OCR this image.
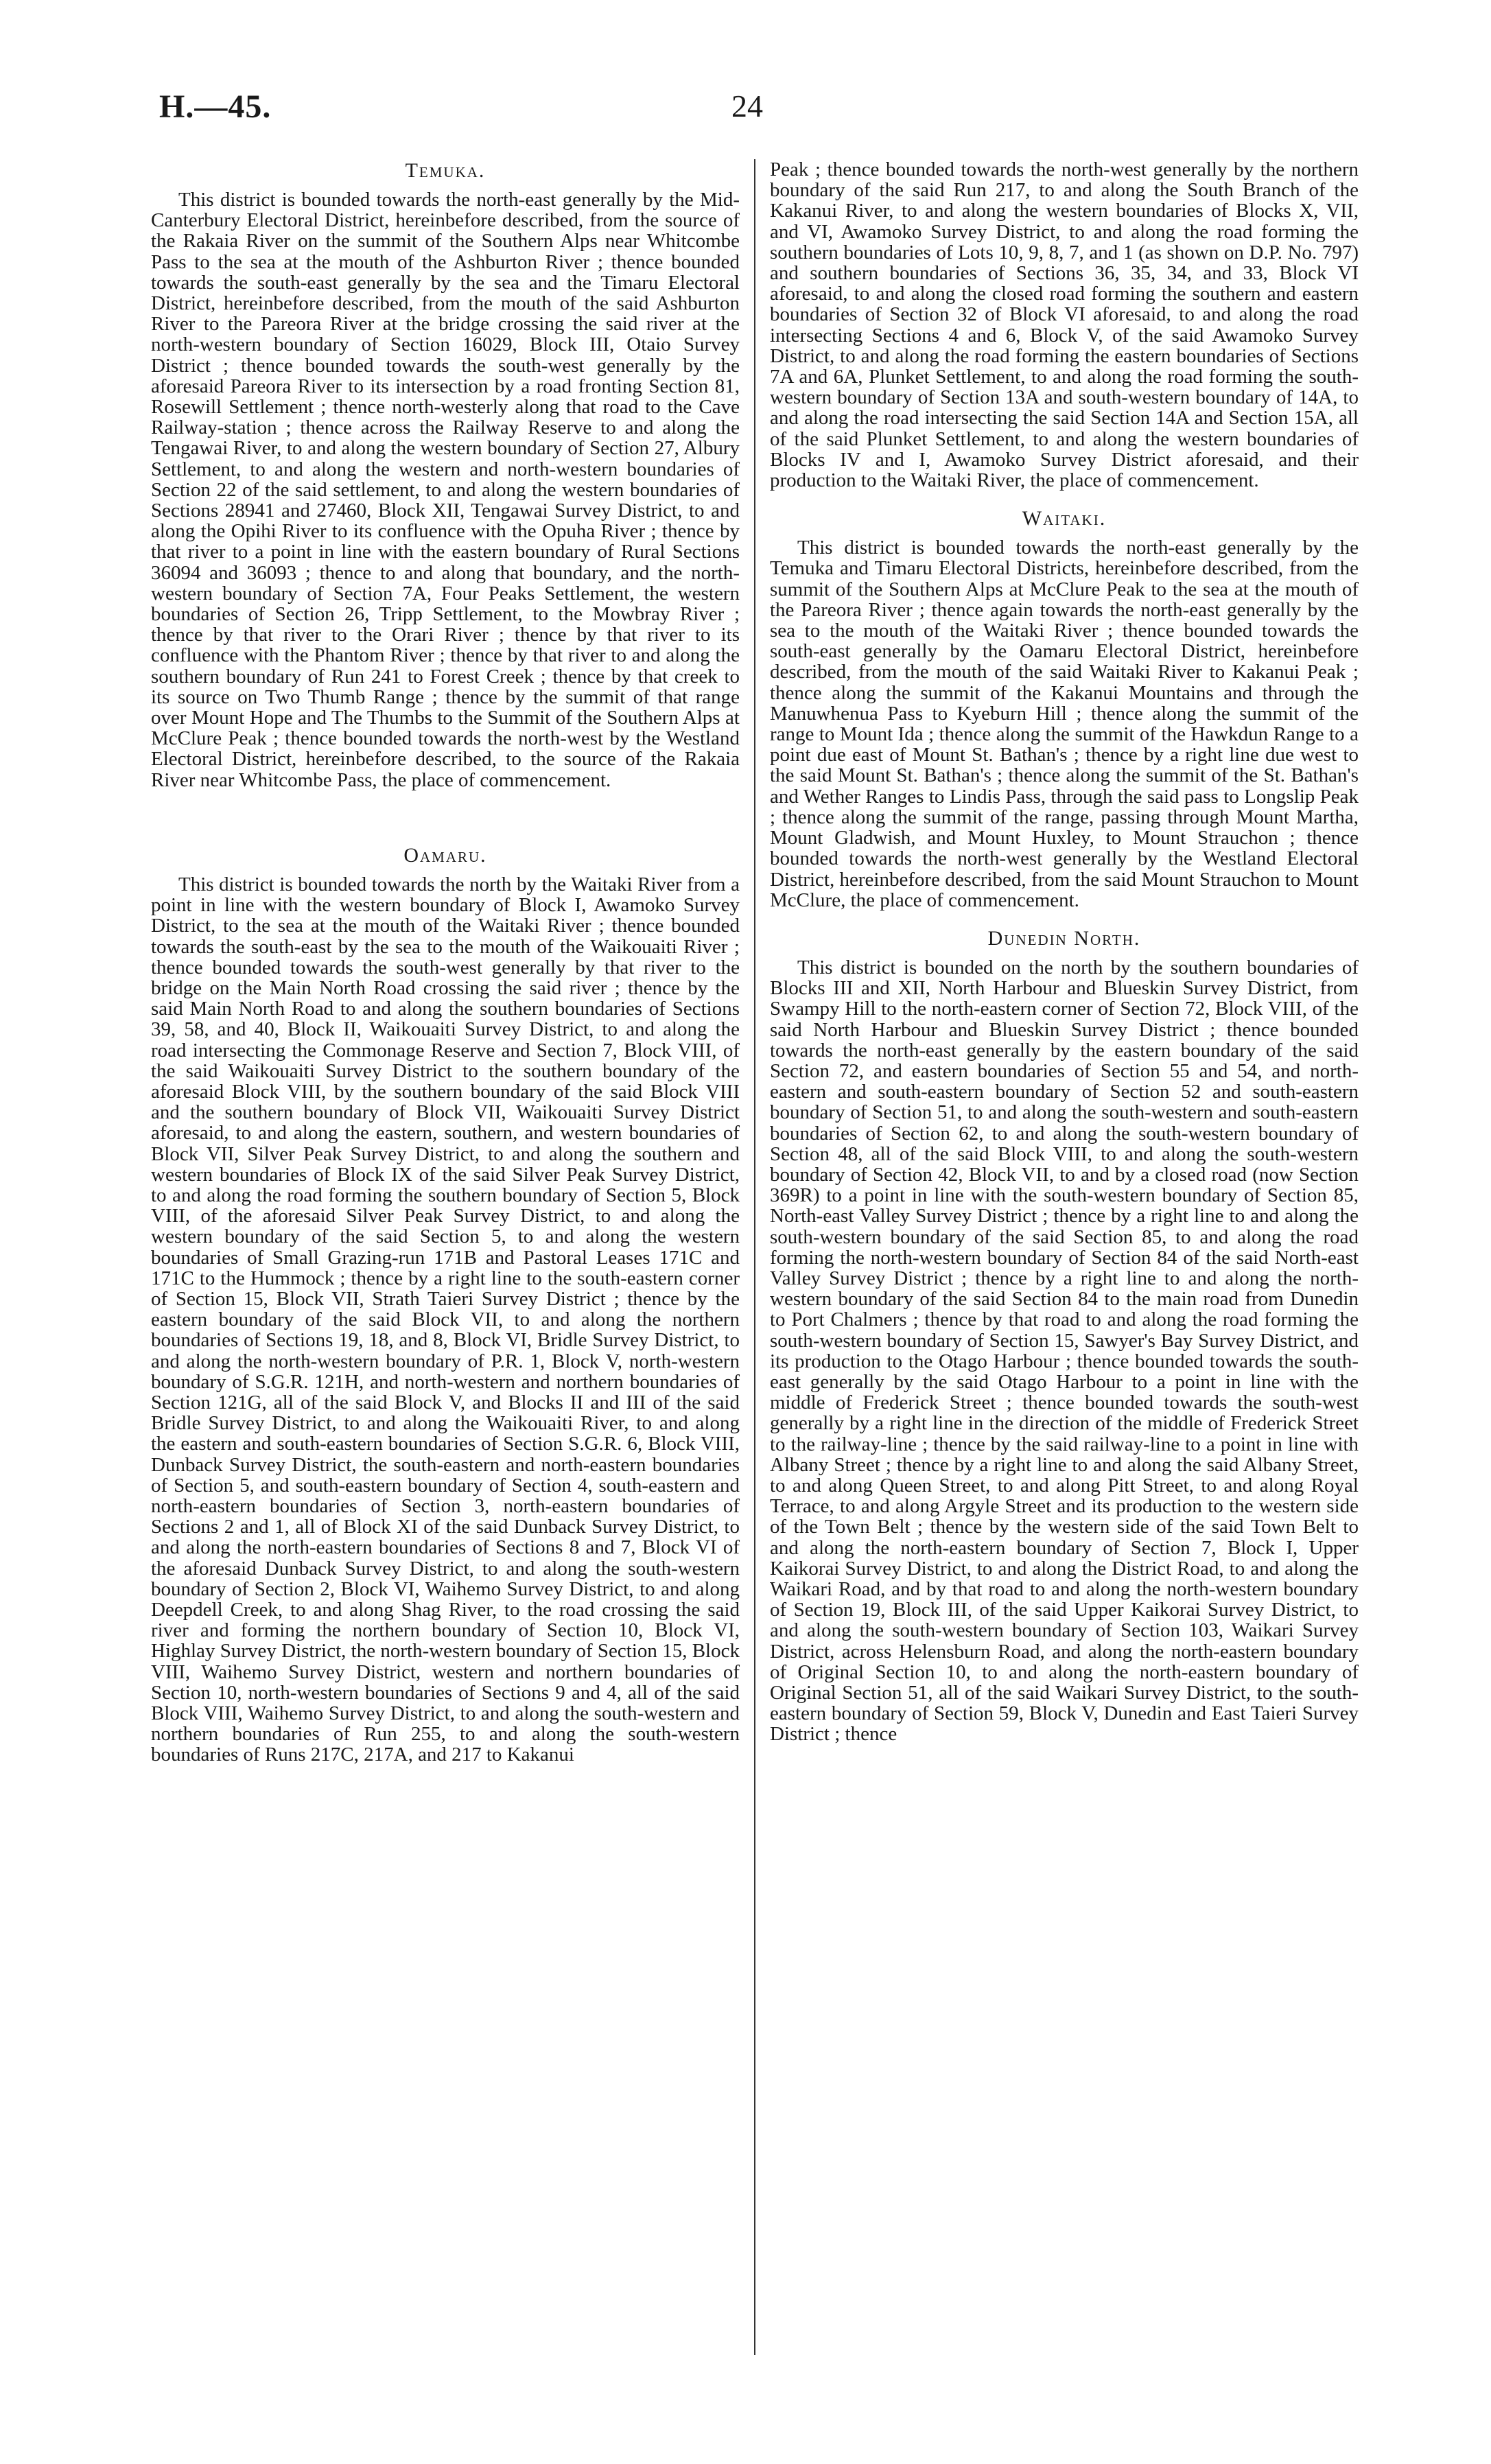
H.—45.	24
Temuka.

This district is bounded towards the north-east generally by the Mid-Canterbury Electoral District, hereinbefore described, from the source of the Rakaia River on the summit of the Southern Alps near Whitcombe Pass to the sea at the mouth of the Ashburton River ; thence bounded towards the south-east generally by the sea and the Timaru Electoral District, hereinbefore described, from the mouth of the said Ashburton River to the Pareora River at the bridge crossing the said river at the north-western boundary of Section 16029, Block III, Otaio Survey District ; thence bounded towards the south-west generally by the aforesaid Pareora River to its intersection by a road fronting Section 81, Rosewill Settlement ; thence north-westerly along that road to the Cave Railway-station ; thence across the Railway Reserve to and along the Tengawai River, to and along the western boundary of Section 27, Albury Settlement, to and along the western and north-western boundaries of Section 22 of the said settlement, to and along the western boundaries of Sections 28941 and 27460, Block XII, Tengawai Survey District, to and along the Opihi River to its confluence with the Opuha River ; thence by that river to a point in line with the eastern boundary of Rural Sections 36094 and 36093 ; thence to and along that boundary, and the north-western boundary of Section 7A, Four Peaks Settlement, the western boundaries of Section 26, Tripp Settlement, to the Mowbray River ; thence by that river to the Orari River ; thence by that river to its confluence with the Phantom River ; thence by that river to and along the southern boundary of Run 241 to Forest Creek ; thence by that creek to its source on Two Thumb Range ; thence by the summit of that range over Mount Hope and The Thumbs to the Summit of the Southern Alps at McClure Peak ; thence bounded towards the north-west by the Westland Electoral District, hereinbefore described, to the source of the Rakaia River near Whitcombe Pass, the place of commencement.

Oamaru.

This district is bounded towards the north by the Waitaki River from a point in line with the western boundary of Block I, Awamoko Survey District, to the sea at the mouth of the Waitaki River ; thence bounded towards the south-east by the sea to the mouth of the Waikouaiti River ; thence bounded towards the south-west generally by that river to the bridge on the Main North Road crossing the said river ; thence by the said Main North Road to and along the southern boundaries of Sections 39, 58, and 40, Block II, Waikouaiti Survey District, to and along the road intersecting the Commonage Reserve and Section 7, Block VIII, of the said Waikouaiti Survey District to the southern boundary of the aforesaid Block VIII, by the southern boundary of the said Block VIII and the southern boundary of Block VII, Waikouaiti Survey District aforesaid, to and along the eastern, southern, and western boundaries of Block VII, Silver Peak Survey District, to and along the southern and western boundaries of Block IX of the said Silver Peak Survey District, to and along the road forming the southern boundary of Section 5, Block VIII, of the aforesaid Silver Peak Survey District, to and along the western boundary of the said Section 5, to and along the western boundaries of Small Grazing-run 171B and Pastoral Leases 171C and 171C to the Hummock ; thence by a right line to the south-eastern corner of Section 15, Block VII, Strath Taieri Survey District ; thence by the eastern boundary of the said Block VII, to and along the northern boundaries of Sections 19, 18, and 8, Block VI, Bridle Survey District, to and along the north-western boundary of P.R. 1, Block V, north-western boundary of S.G.R. 121H, and north-western and northern boundaries of Section 121G, all of the said Block V, and Blocks II and III of the said Bridle Survey District, to and along the Waikouaiti River, to and along the eastern and south-eastern boundaries of Section S.G.R. 6, Block VIII, Dunback Survey District, the south-eastern and north-eastern boundaries of Section 5, and south-eastern boundary of Section 4, south-eastern and north-eastern boundaries of Section 3, north-eastern boundaries of Sections 2 and 1, all of Block XI of the said Dunback Survey District, to and along the north-eastern boundaries of Sections 8 and 7, Block VI of the aforesaid Dunback Survey District, to and along the south-western boundary of Section 2, Block VI, Waihemo Survey District, to and along Deepdell Creek, to and along Shag River, to the road crossing the said river and forming the northern boundary of Section 10, Block VI, Highlay Survey District, the north-western boundary of Section 15, Block VIII, Waihemo Survey District, western and northern boundaries of Section 10, north-western boundaries of Sections 9 and 4, all of the said Block VIII, Waihemo Survey District, to and along the south-western and northern boundaries of Run 255, to and along the south-western boundaries of Runs 217C, 217A, and 217 to Kakanui

Peak ; thence bounded towards the north-west generally by the northern boundary of the said Run 217, to and along the South Branch of the Kakanui River, to and along the western boundaries of Blocks X, VII, and VI, Awamoko Survey District, to and along the road forming the southern boundaries of Lots 10, 9, 8, 7, and 1 (as shown on D.P. No. 797) and southern boundaries of Sections 36, 35, 34, and 33, Block VI aforesaid, to and along the closed road forming the southern and eastern boundaries of Section 32 of Block VI aforesaid, to and along the road intersecting Sections 4 and 6, Block V, of the said Awamoko Survey District, to and along the road forming the eastern boundaries of Sections 7A and 6A, Plunket Settlement, to and along the road forming the south-western boundary of Section 13A and south-western boundary of 14A, to and along the road intersecting the said Section 14A and Section 15A, all of the said Plunket Settlement, to and along the western boundaries of Blocks IV and I, Awamoko Survey District aforesaid, and their production to the Waitaki River, the place of commencement.

Waitaki.

This district is bounded towards the north-east generally by the Temuka and Timaru Electoral Districts, hereinbefore described, from the summit of the Southern Alps at McClure Peak to the sea at the mouth of the Pareora River ; thence again towards the north-east generally by the sea to the mouth of the Waitaki River ; thence bounded towards the south-east generally by the Oamaru Electoral District, hereinbefore described, from the mouth of the said Waitaki River to Kakanui Peak ; thence along the summit of the Kakanui Mountains and through the Manuwhenua Pass to Kyeburn Hill ; thence along the summit of the range to Mount Ida ; thence along the summit of the Hawkdun Range to a point due east of Mount St. Bathan's ; thence by a right line due west to the said Mount St. Bathan's ; thence along the summit of the St. Bathan's and Wether Ranges to Lindis Pass, through the said pass to Longslip Peak ; thence along the summit of the range, passing through Mount Martha, Mount Gladwish, and Mount Huxley, to Mount Strauchon ; thence bounded towards the north-west generally by the Westland Electoral District, hereinbefore described, from the said Mount Strauchon to Mount McClure, the place of commencement.

Dunedin North.

This district is bounded on the north by the southern boundaries of Blocks III and XII, North Harbour and Blueskin Survey District, from Swampy Hill to the north-eastern corner of Section 72, Block VIII, of the said North Harbour and Blueskin Survey District ; thence bounded towards the north-east generally by the eastern boundary of the said Section 72, and eastern boundaries of Section 55 and 54, and north-eastern and south-eastern boundary of Section 52 and south-eastern boundary of Section 51, to and along the south-western and south-eastern boundaries of Section 62, to and along the south-western boundary of Section 48, all of the said Block VIII, to and along the south-western boundary of Section 42, Block VII, to and by a closed road (now Section 369R) to a point in line with the south-western boundary of Section 85, North-east Valley Survey District ; thence by a right line to and along the south-western boundary of the said Section 85, to and along the road forming the north-western boundary of Section 84 of the said North-east Valley Survey District ; thence by a right line to and along the north-western boundary of the said Section 84 to the main road from Dunedin to Port Chalmers ; thence by that road to and along the road forming the south-western boundary of Section 15, Sawyer's Bay Survey District, and its production to the Otago Harbour ; thence bounded towards the south-east generally by the said Otago Harbour to a point in line with the middle of Frederick Street ; thence bounded towards the south-west generally by a right line in the direction of the middle of Frederick Street to the railway-line ; thence by the said railway-line to a point in line with Albany Street ; thence by a right line to and along the said Albany Street, to and along Queen Street, to and along Pitt Street, to and along Royal Terrace, to and along Argyle Street and its production to the western side of the Town Belt ; thence by the western side of the said Town Belt to and along the north-eastern boundary of Section 7, Block I, Upper Kaikorai Survey District, to and along the District Road, to and along the Waikari Road, and by that road to and along the north-western boundary of Section 19, Block III, of the said Upper Kaikorai Survey District, to and along the south-western boundary of Section 103, Waikari Survey District, across Helensburn Road, and along the north-eastern boundary of Original Section 10, to and along the north-eastern boundary of Original Section 51, all of the said Waikari Survey District, to the south-eastern boundary of Section 59, Block V, Dunedin and East Taieri Survey District ; thence
